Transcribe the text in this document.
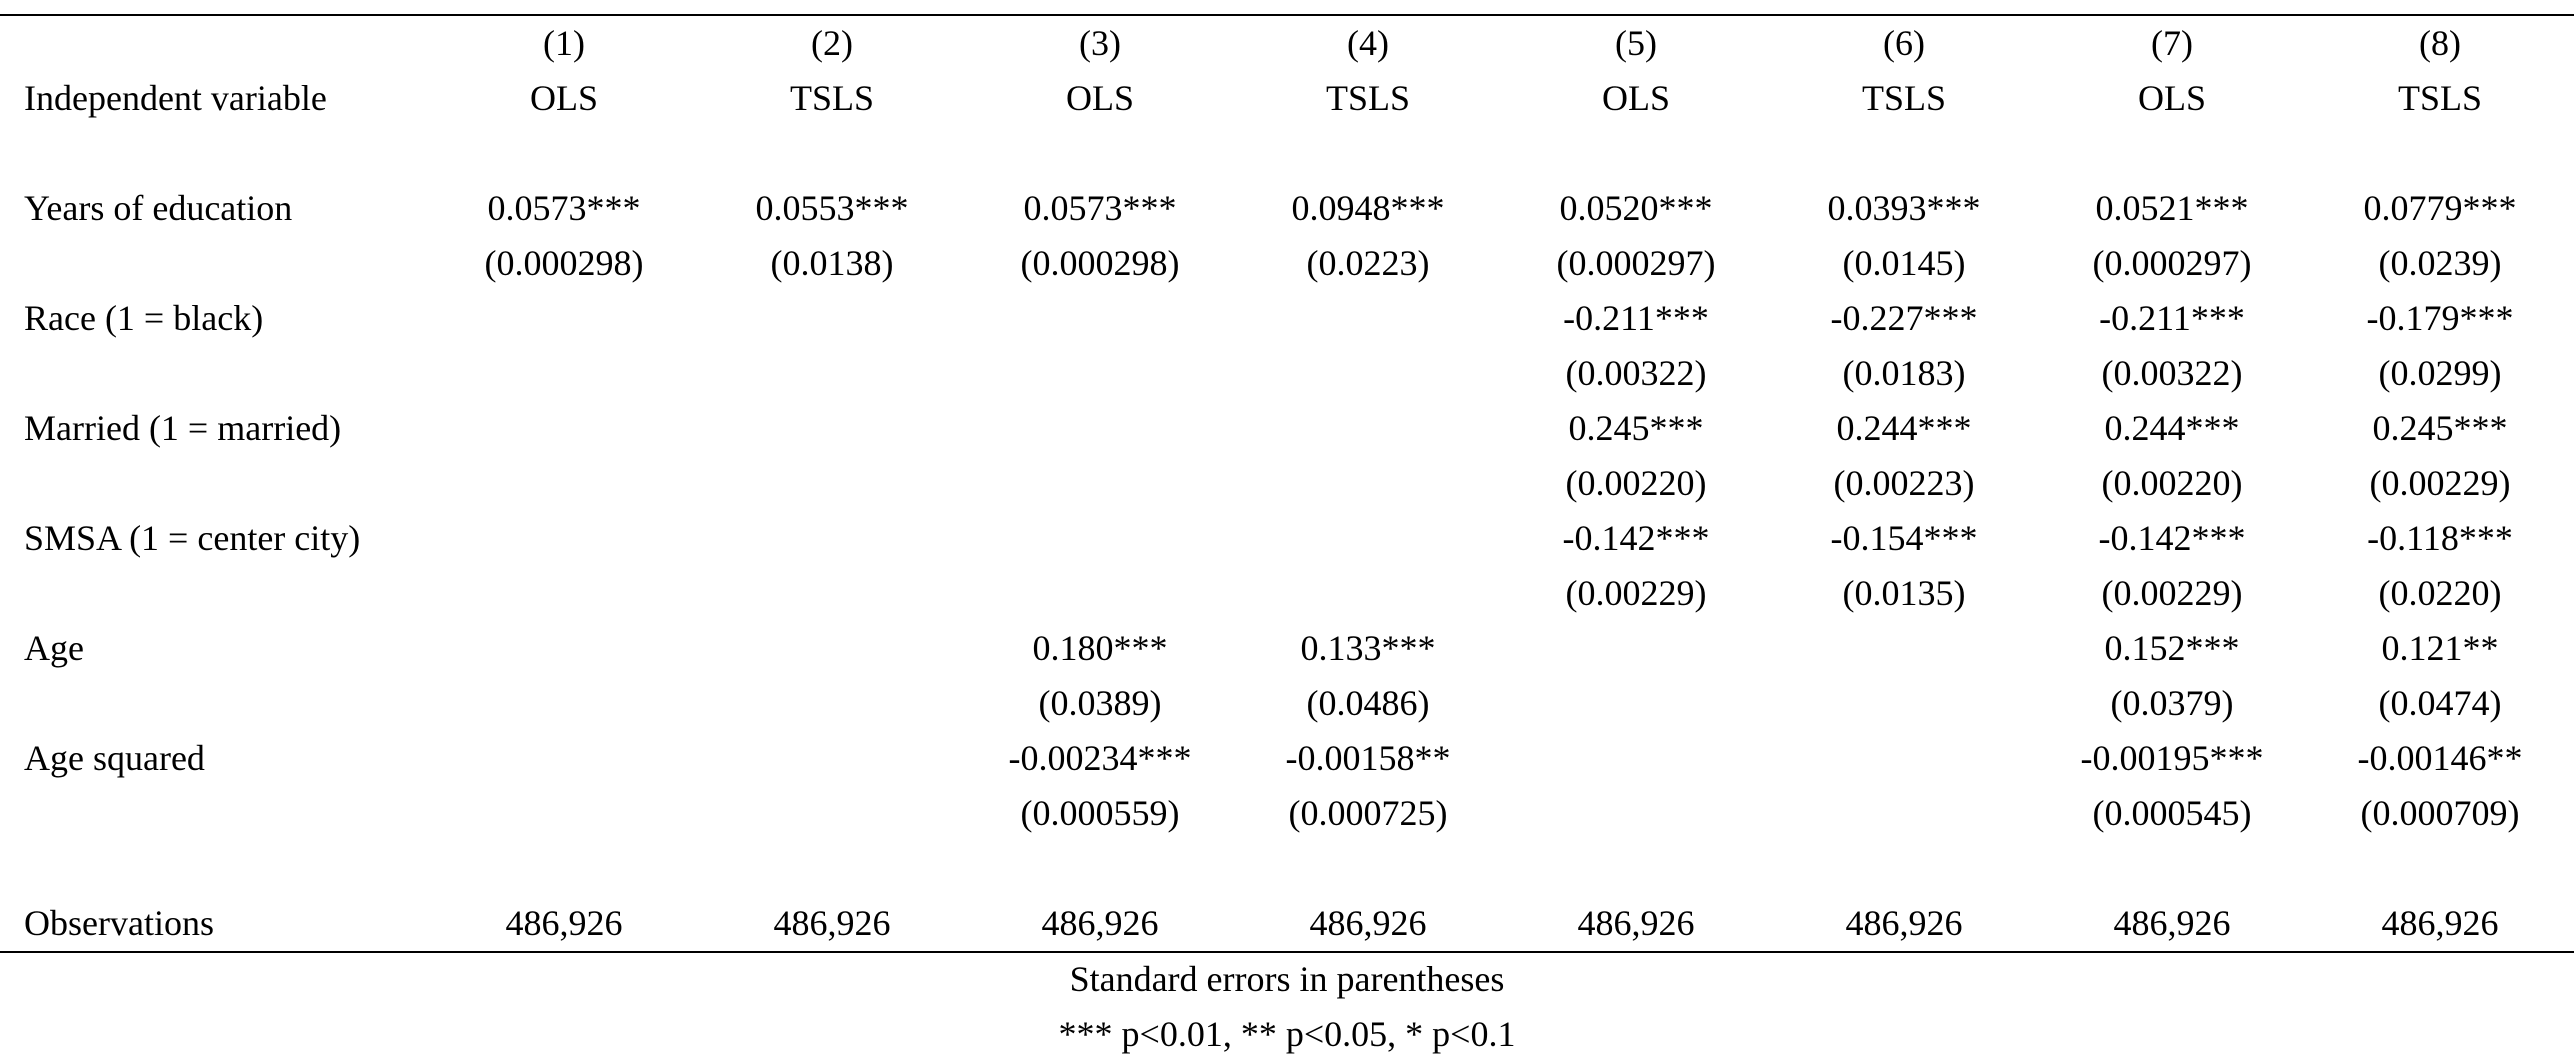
	(1)	(2)	(3)	(4)	(5)	(6)	(7)	(8)
Independent variable	OLS	TSLS	OLS	TSLS	OLS	TSLS	OLS	TSLS

Years of education	0.0573***	0.0553***	0.0573***	0.0948***	0.0520***	0.0393***	0.0521***	0.0779***
	(0.000298)	(0.0138)	(0.000298)	(0.0223)	(0.000297)	(0.0145)	(0.000297)	(0.0239)
Race (1 = black)					-0.211***	-0.227***	-0.211***	-0.179***
					(0.00322)	(0.0183)	(0.00322)	(0.0299)
Married (1 = married)					0.245***	0.244***	0.244***	0.245***
					(0.00220)	(0.00223)	(0.00220)	(0.00229)
SMSA (1 = center city)					-0.142***	-0.154***	-0.142***	-0.118***
					(0.00229)	(0.0135)	(0.00229)	(0.0220)
Age			0.180***	0.133***			0.152***	0.121**
			(0.0389)	(0.0486)			(0.0379)	(0.0474)
Age squared			-0.00234***	-0.00158**			-0.00195***	-0.00146**
			(0.000559)	(0.000725)			(0.000545)	(0.000709)

Observations	486,926	486,926	486,926	486,926	486,926	486,926	486,926	486,926

Standard errors in parentheses
*** p<0.01, ** p<0.05, * p<0.1
